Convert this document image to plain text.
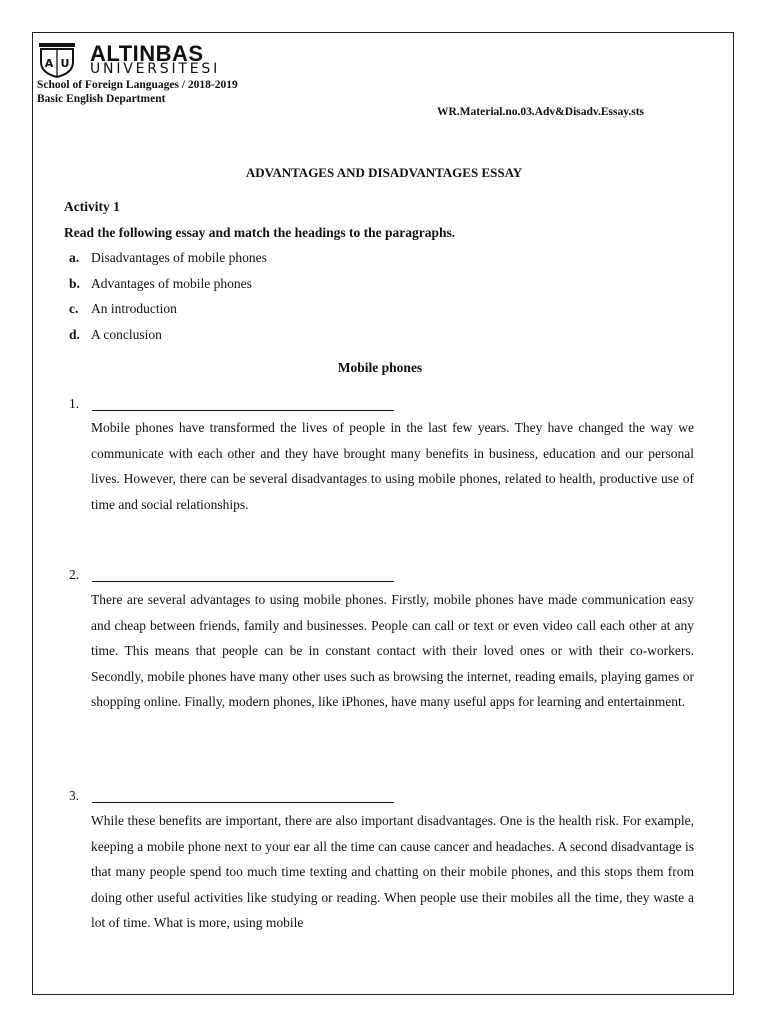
A U ALTINBAS
UNIVERSITESI
School of Foreign Languages / 2018-2019
Basic English Department
WR.Material.no.03.Adv&Disadv.Essay.sts
ADVANTAGES AND DISADVANTAGES ESSAY
Activity 1
Read the following essay and match the headings to the paragraphs.
a. Disadvantages of mobile phones
b. Advantages of mobile phones
c. An introduction
d. A conclusion
Mobile phones
1.

Mobile phones have transformed the lives of people in the last few years. They have changed the way we communicate with each other and they have brought many benefits in business, education and our personal lives. However, there can be several disadvantages to using mobile phones, related to health, productive use of time and social relationships.

2.

There are several advantages to using mobile phones. Firstly, mobile phones have made communication easy and cheap between friends, family and businesses. People can call or text or even video call each other at any time. This means that people can be in constant contact with their loved ones or with their co-workers. Secondly, mobile phones have many other uses such as browsing the internet, reading emails, playing games or shopping online. Finally, modern phones, like iPhones, have many useful apps for learning and entertainment.

3.

While these benefits are important, there are also important disadvantages. One is the health risk. For example, keeping a mobile phone next to your ear all the time can cause cancer and headaches. A second disadvantage is that many people spend too much time texting and chatting on their mobile phones, and this stops them from doing other useful activities like studying or reading. When people use their mobiles all the time, they waste a lot of time. What is more, using mobile
